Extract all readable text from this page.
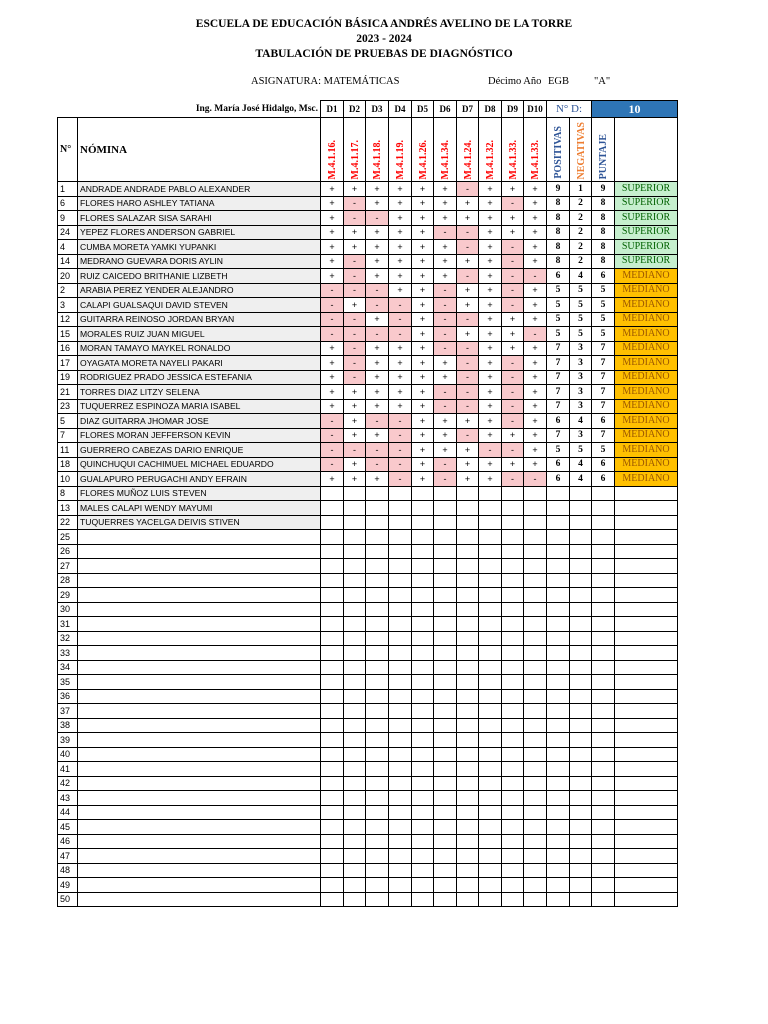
ESCUELA DE EDUCACIÓN BÁSICA ANDRÉS AVELINO DE LA TORRE
2023 - 2024
TABULACIÓN DE PRUEBAS DE DIAGNÓSTICO
ASIGNATURA: MATEMÁTICAS	Décimo Año EGB "A"
Ing. María José Hidalgo, Msc.		D1	D2	D3	D4	D5	D6	D7	D8	D9	D10	N° D:		10	
N°	NÓMINA	M.4.1.16.	M.4.1.17.	M.4.1.18.	M.4.1.19.	M.4.1.26.	M.4.1.34.	M.4.1.24.	M.4.1.32.	M.4.1.33.	M.4.1.33.	POSITIVAS	NEGATIVAS	PUNTAJE	

1	ANDRADE ANDRADE PABLO ALEXANDER	+	+	+	+	+	+	-	+	+	+	9	1	9	SUPERIOR
6	FLORES HARO ASHLEY TATIANA	+	-	+	+	+	+	+	+	-	+	8	2	8	SUPERIOR
9	FLORES SALAZAR SISA SARAHI	+	-	-	+	+	+	+	+	+	+	8	2	8	SUPERIOR
24	YEPEZ FLORES ANDERSON GABRIEL	+	+	+	+	+	-	-	+	+	+	8	2	8	SUPERIOR
4	CUMBA MORETA YAMKI YUPANKI	+	+	+	+	+	+	-	+	-	+	8	2	8	SUPERIOR
14	MEDRANO GUEVARA DORIS AYLIN	+	-	+	+	+	+	+	+	-	+	8	2	8	SUPERIOR
20	RUIZ CAICEDO BRITHANIE LIZBETH	+	-	+	+	+	+	-	+	-	-	6	4	6	MEDIANO
2	ARABIA PEREZ YENDER ALEJANDRO	-	-	-	+	+	-	+	+	-	+	5	5	5	MEDIANO
3	CALAPI GUALSAQUI DAVID STEVEN	-	+	-	-	+	-	+	+	-	+	5	5	5	MEDIANO
12	GUITARRA REINOSO JORDAN BRYAN	-	-	+	-	+	-	-	+	+	+	5	5	5	MEDIANO
15	MORALES RUIZ JUAN MIGUEL	-	-	-	-	+	-	+	+	+	-	5	5	5	MEDIANO
16	MORAN TAMAYO MAYKEL RONALDO	+	-	+	+	+	-	-	+	+	+	7	3	7	MEDIANO
17	OYAGATA MORETA NAYELI PAKARI	+	-	+	+	+	+	-	+	-	+	7	3	7	MEDIANO
19	RODRIGUEZ PRADO JESSICA ESTEFANIA	+	-	+	+	+	+	-	+	-	+	7	3	7	MEDIANO
21	TORRES DIAZ LITZY SELENA	+	+	+	+	+	-	-	+	-	+	7	3	7	MEDIANO
23	TUQUERREZ ESPINOZA MARIA ISABEL	+	+	+	+	+	-	-	+	-	+	7	3	7	MEDIANO
5	DIAZ GUITARRA JHOMAR JOSE	-	+	-	-	+	+	+	+	-	+	6	4	6	MEDIANO
7	FLORES MORAN JEFFERSON KEVIN	-	+	+	-	+	+	-	+	+	+	7	3	7	MEDIANO
11	GUERRERO CABEZAS DARIO ENRIQUE	-	-	-	-	+	+	+	-	-	+	5	5	5	MEDIANO
18	QUINCHUQUI CACHIMUEL MICHAEL EDUARDO	-	+	-	-	+	-	+	+	+	+	6	4	6	MEDIANO
10	GUALAPURO PERUGACHI ANDY EFRAIN	+	+	+	-	+	-	+	+	-	-	6	4	6	MEDIANO
8	FLORES MUÑOZ LUIS STEVEN														
13	MALES CALAPI WENDY MAYUMI														
22	TUQUERRES YACELGA DEIVIS STIVEN														
25															
26															
27															
28															
29															
30															
31															
32															
33															
34															
35															
36															
37															
38															
39															
40															
41															
42															
43															
44															
45															
46															
47															
48															
49															
50															
